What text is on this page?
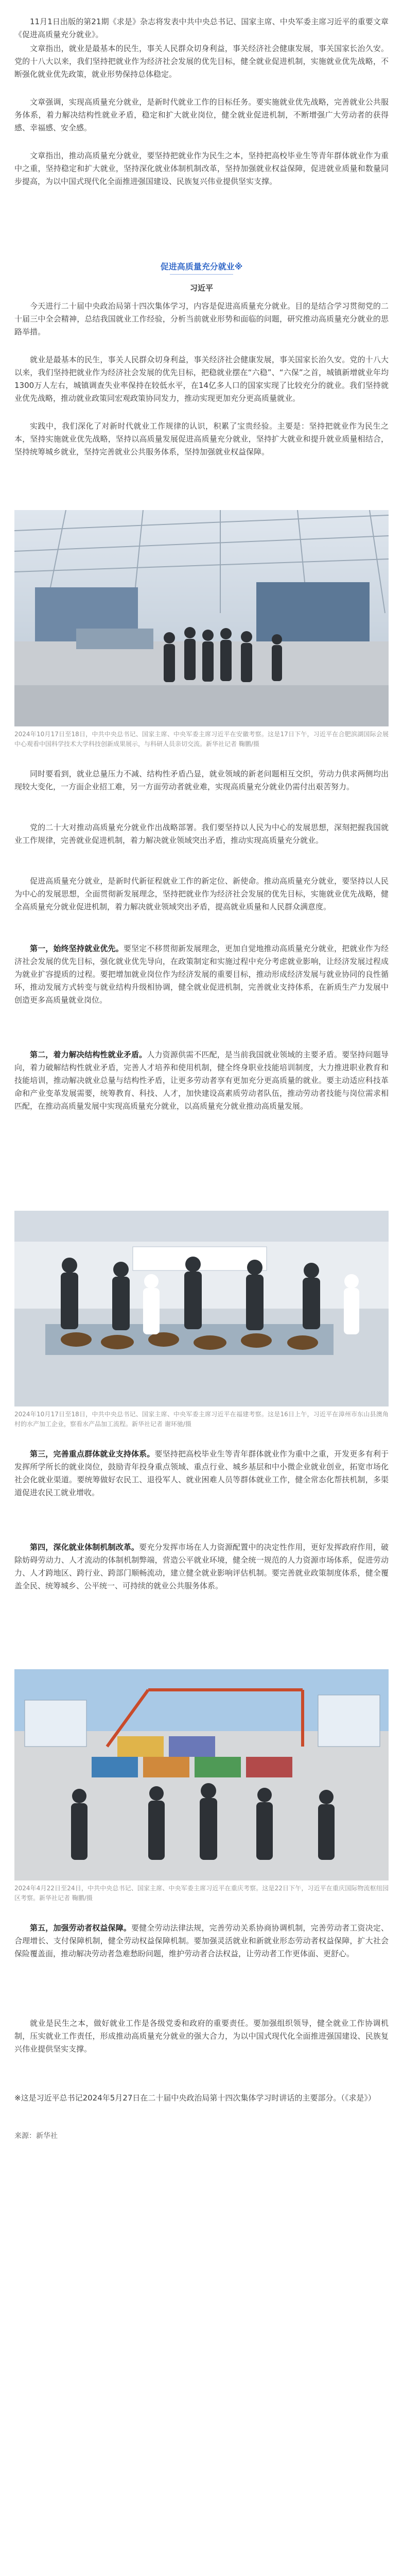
11月1日出版的第21期《求是》杂志将发表中共中央总书记、国家主席、中央军委主席习近平的重要文章《促进高质量充分就业》。

文章指出，就业是最基本的民生，事关人民群众切身利益，事关经济社会健康发展，事关国家长治久安。党的十八大以来，我们坚持把就业作为经济社会发展的优先目标，健全就业促进机制，实施就业优先战略，不断强化就业优先政策，就业形势保持总体稳定。

文章强调，实现高质量充分就业，是新时代就业工作的目标任务。要实施就业优先战略，完善就业公共服务体系，着力解决结构性就业矛盾，稳定和扩大就业岗位，健全就业促进机制，不断增强广大劳动者的获得感、幸福感、安全感。

文章指出，推动高质量充分就业，要坚持把就业作为民生之本，坚持把高校毕业生等青年群体就业作为重中之重，坚持稳定和扩大就业，坚持深化就业体制机制改革，坚持加强就业权益保障，促进就业质量和数量同步提高，为以中国式现代化全面推进强国建设、民族复兴伟业提供坚实支撑。

促进高质量充分就业※
习近平

今天进行二十届中央政治局第十四次集体学习，内容是促进高质量充分就业。目的是结合学习贯彻党的二十届三中全会精神，总结我国就业工作经验，分析当前就业形势和面临的问题，研究推动高质量充分就业的思路举措。

就业是最基本的民生，事关人民群众切身利益，事关经济社会健康发展，事关国家长治久安。党的十八大以来，我们坚持把就业作为经济社会发展的优先目标，把稳就业摆在“六稳”、“六保”之首，城镇新增就业年均1300万人左右，城镇调查失业率保持在较低水平，在14亿多人口的国家实现了比较充分的就业。我们坚持就业优先战略，推动就业政策同宏观政策协同发力，推动实现更加充分更高质量就业。

实践中，我们深化了对新时代就业工作规律的认识，积累了宝贵经验。主要是：坚持把就业作为民生之本，坚持实施就业优先战略，坚持以高质量发展促进高质量充分就业，坚持扩大就业和提升就业质量相结合，坚持统筹城乡就业，坚持完善就业公共服务体系，坚持加强就业权益保障。

2024年10月17日至18日，中共中央总书记、国家主席、中央军委主席习近平在安徽考察。这是17日下午，习近平在合肥滨湖国际会展中心观看中国科学技术大学科技创新成果展示，与科研人员亲切交流。新华社记者 鞠鹏/摄

同时要看到，就业总量压力不减、结构性矛盾凸显，就业领域的新老问题相互交织，劳动力供求两侧均出现较大变化，一方面企业招工难，另一方面劳动者就业难，实现高质量充分就业仍需付出艰苦努力。

党的二十大对推动高质量充分就业作出战略部署。我们要坚持以人民为中心的发展思想，深刻把握我国就业工作规律，完善就业促进机制，着力解决就业领域突出矛盾，推动实现高质量充分就业。

促进高质量充分就业，是新时代新征程就业工作的新定位、新使命。推动高质量充分就业，要坚持以人民为中心的发展思想，全面贯彻新发展理念，坚持把就业作为经济社会发展的优先目标，实施就业优先战略，健全高质量充分就业促进机制，着力解决就业领域突出矛盾，提高就业质量和人民群众满意度。

第一，始终坚持就业优先。要坚定不移贯彻新发展理念，更加自觉地推动高质量充分就业，把就业作为经济社会发展的优先目标，强化就业优先导向，在政策制定和实施过程中充分考虑就业影响，让经济发展过程成为就业扩容提质的过程。要把增加就业岗位作为经济发展的重要目标，推动形成经济发展与就业协同的良性循环，推动发展方式转变与就业结构升级相协调，健全就业促进机制，完善就业支持体系，在新质生产力发展中创造更多高质量就业岗位。
第二，着力解决结构性就业矛盾。人力资源供需不匹配，是当前我国就业领域的主要矛盾。要坚持问题导向，着力破解结构性就业矛盾，完善人才培养和使用机制，健全终身职业技能培训制度，大力推进职业教育和技能培训，推动解决就业总量与结构性矛盾，让更多劳动者享有更加充分更高质量的就业。要主动适应科技革命和产业变革发展需要，统筹教育、科技、人才，加快建设高素质劳动者队伍，推动劳动者技能与岗位需求相匹配，在推动高质量发展中实现高质量充分就业，以高质量充分就业推动高质量发展。

2024年10月17日至18日，中共中央总书记、国家主席、中央军委主席习近平在福建考察。这是16日上午，习近平在漳州市东山县澳角村的水产加工企业，察看水产品加工流程。新华社记者 谢环驰/摄

第三，完善重点群体就业支持体系。要坚持把高校毕业生等青年群体就业作为重中之重，开发更多有利于发挥所学所长的就业岗位，鼓励青年投身重点领域、重点行业、城乡基层和中小微企业就业创业，拓宽市场化社会化就业渠道。要统筹做好农民工、退役军人、就业困难人员等群体就业工作，健全常态化帮扶机制，多渠道促进农民工就业增收。
第四，深化就业体制机制改革。要充分发挥市场在人力资源配置中的决定性作用，更好发挥政府作用，破除妨碍劳动力、人才流动的体制机制弊端，营造公平就业环境，健全统一规范的人力资源市场体系，促进劳动力、人才跨地区、跨行业、跨部门顺畅流动，建立健全就业影响评估机制。要完善就业政策制度体系，健全覆盖全民、统筹城乡、公平统一、可持续的就业公共服务体系。

2024年4月22日至24日，中共中央总书记、国家主席、中央军委主席习近平在重庆考察。这是22日下午，习近平在重庆国际物流枢纽园区考察。新华社记者 鞠鹏/摄

第五，加强劳动者权益保障。要健全劳动法律法规，完善劳动关系协商协调机制，完善劳动者工资决定、合理增长、支付保障机制，健全劳动权益保障机制。要加强灵活就业和新就业形态劳动者权益保障，扩大社会保险覆盖面，推动解决劳动者急难愁盼问题，维护劳动者合法权益，让劳动者工作更体面、更舒心。

就业是民生之本，做好就业工作是各级党委和政府的重要责任。要加强组织领导，健全就业工作协调机制，压实就业工作责任，形成推动高质量充分就业的强大合力，为以中国式现代化全面推进强国建设、民族复兴伟业提供坚实支撑。

※这是习近平总书记2024年5月27日在二十届中央政治局第十四次集体学习时讲话的主要部分。（《求是》）

来源：新华社
